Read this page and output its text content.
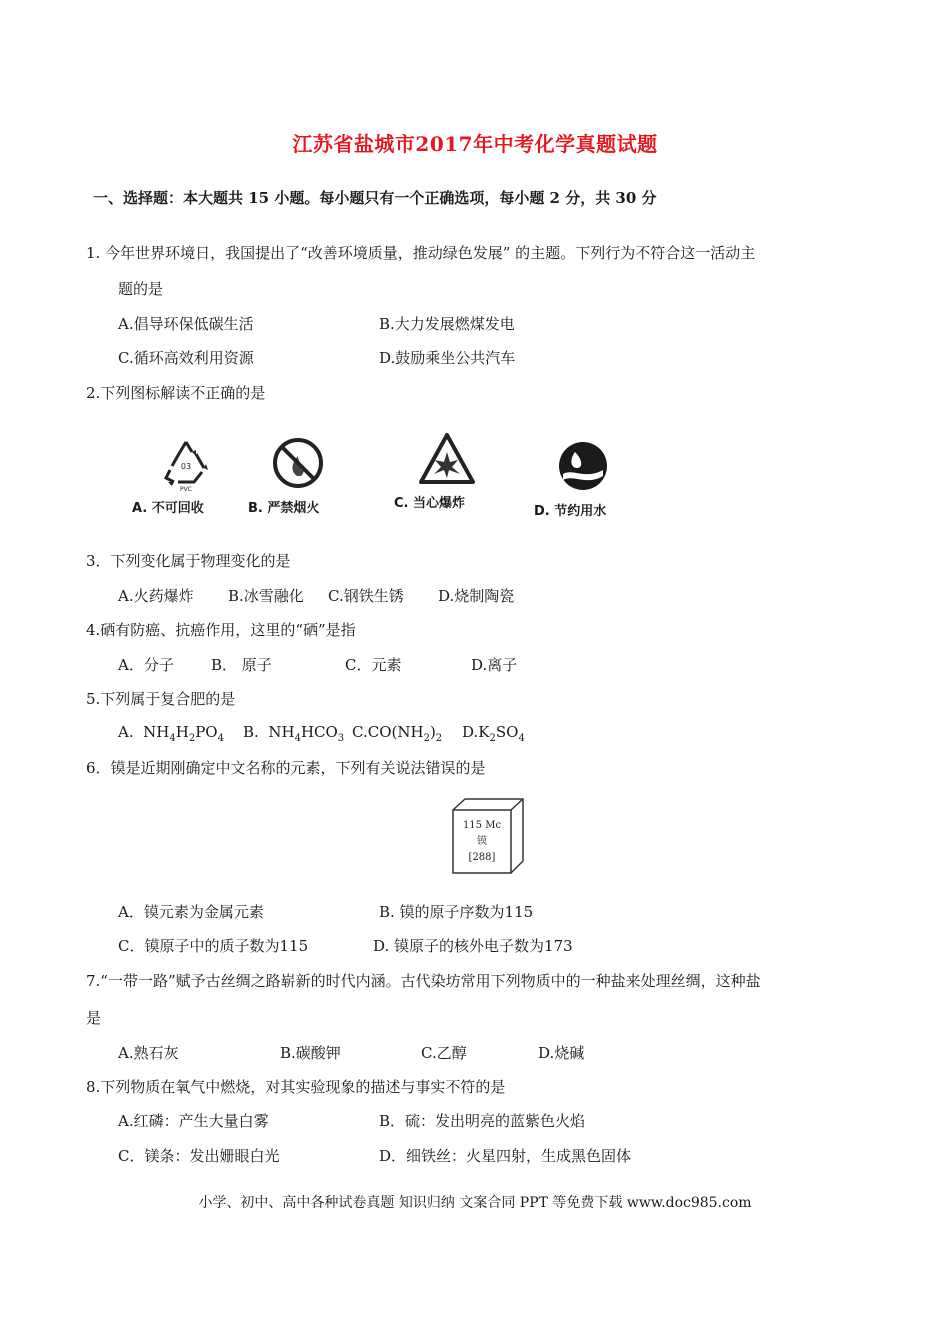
江苏省盐城市2017年中考化学真题试题
一、选择题：本大题共 15 小题。每小题只有一个正确选项，每小题 2 分，共 30 分
1. 今年世界环境日，我国提出了“改善环境质量，推动绿色发展” 的主题。下列行为不符合这一活动主
题的是
A.倡导环保低碳生活	B.大力发展燃煤发电
C.循环高效利用资源	D.鼓励乘坐公共汽车
2.下列图标解读不正确的是
03
PVC
A. 不可回收	B. 严禁烟火	C. 当心爆炸
D. 节约用水
3．下列变化属于物理变化的是
A.火药爆炸 B.冰雪融化 C.钢铁生锈 D.烧制陶瓷
4.硒有防癌、抗癌作用，这里的“硒”是指
A．分子 B． 原子	C．元素	D.离子
5.下列属于复合肥的是
A. $NH_4H_2PO_4$ B. $NH_4HCO_3$ $C.CO(NH_2)_2$ $D.K_2SO_4$
6．镆是近期刚确定中文名称的元素，下列有关说法错误的是
115 Mc
镆
[288]
A．镆元素为金属元素	B. 镆的原子序数为115
C．镆原子中的质子数为115	D. 镆原子的核外电子数为173
7.“一带一路”赋予古丝绸之路崭新的时代内涵。古代染坊常用下列物质中的一种盐来处理丝绸，这种盐
是
A.熟石灰	B.碳酸钾	C.乙醇	D.烧碱
8.下列物质在氧气中燃烧，对其实验现象的描述与事实不符的是
A.红磷：产生大量白雾	B．硫：发出明亮的蓝紫色火焰
C．镁条：发出姗眼白光	D．细铁丝：火星四射，生成黑色固体
小学、初中、高中各种试卷真题 知识归纳 文案合同 PPT 等免费下载 www.doc985.com
